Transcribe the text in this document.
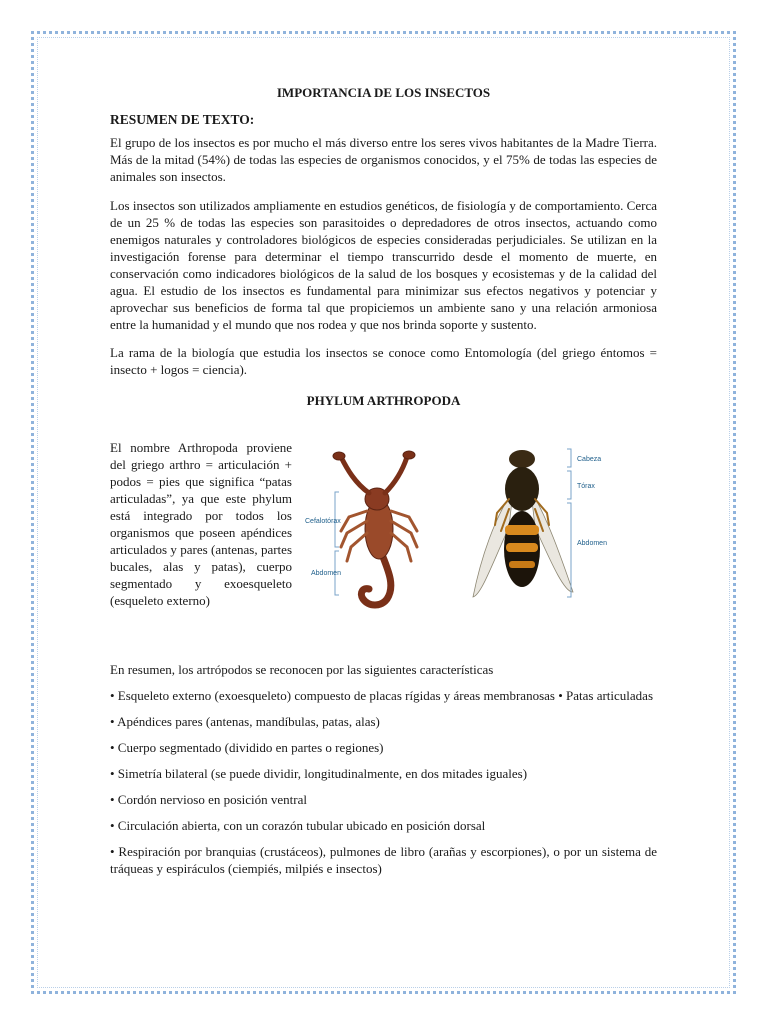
IMPORTANCIA DE LOS INSECTOS
RESUMEN DE TEXTO:

El grupo de los insectos es por mucho el más diverso entre los seres vivos habitantes de la Madre Tierra. Más de la mitad (54%) de todas las especies de organismos conocidos, y el 75% de todas las especies de animales son insectos.

Los insectos son utilizados ampliamente en estudios genéticos, de fisiología y de comportamiento. Cerca de un 25 % de todas las especies son parasitoides o depredadores de otros insectos, actuando como enemigos naturales y controladores biológicos de especies consideradas perjudiciales. Se utilizan en la investigación forense para determinar el tiempo transcurrido desde el momento de muerte, en conservación como indicadores biológicos de la salud de los bosques y ecosistemas y de la calidad del agua. El estudio de los insectos es fundamental para minimizar sus efectos negativos y potenciar y aprovechar sus beneficios de forma tal que propiciemos un ambiente sano y una relación armoniosa entre la humanidad y el mundo que nos rodea y que nos brinda soporte y sustento.

La rama de la biología que estudia los insectos se conoce como Entomología (del griego éntomos = insecto + logos = ciencia).

PHYLUM ARTHROPODA

El nombre Arthropoda proviene del griego arthro = articulación + podos = pies que significa “patas articuladas”, ya que este phylum está integrado por todos los organismos que poseen apéndices articulados y pares (antenas, partes bucales, alas y patas), cuerpo segmentado y exoesqueleto (esqueleto externo)

Cefalotórax
Abdomen
Cabeza
Tórax
Abdomen

En resumen, los artrópodos se reconocen por las siguientes características

• Esqueleto externo (exoesqueleto) compuesto de placas rígidas y áreas membranosas • Patas articuladas

• Apéndices pares (antenas, mandíbulas, patas, alas)

• Cuerpo segmentado (dividido en partes o regiones)

• Simetría bilateral (se puede dividir, longitudinalmente, en dos mitades iguales)

• Cordón nervioso en posición ventral

• Circulación abierta, con un corazón tubular ubicado en posición dorsal

• Respiración por branquias (crustáceos), pulmones de libro (arañas y escorpiones), o por un sistema de tráqueas y espiráculos (ciempiés, milpiés e insectos)
